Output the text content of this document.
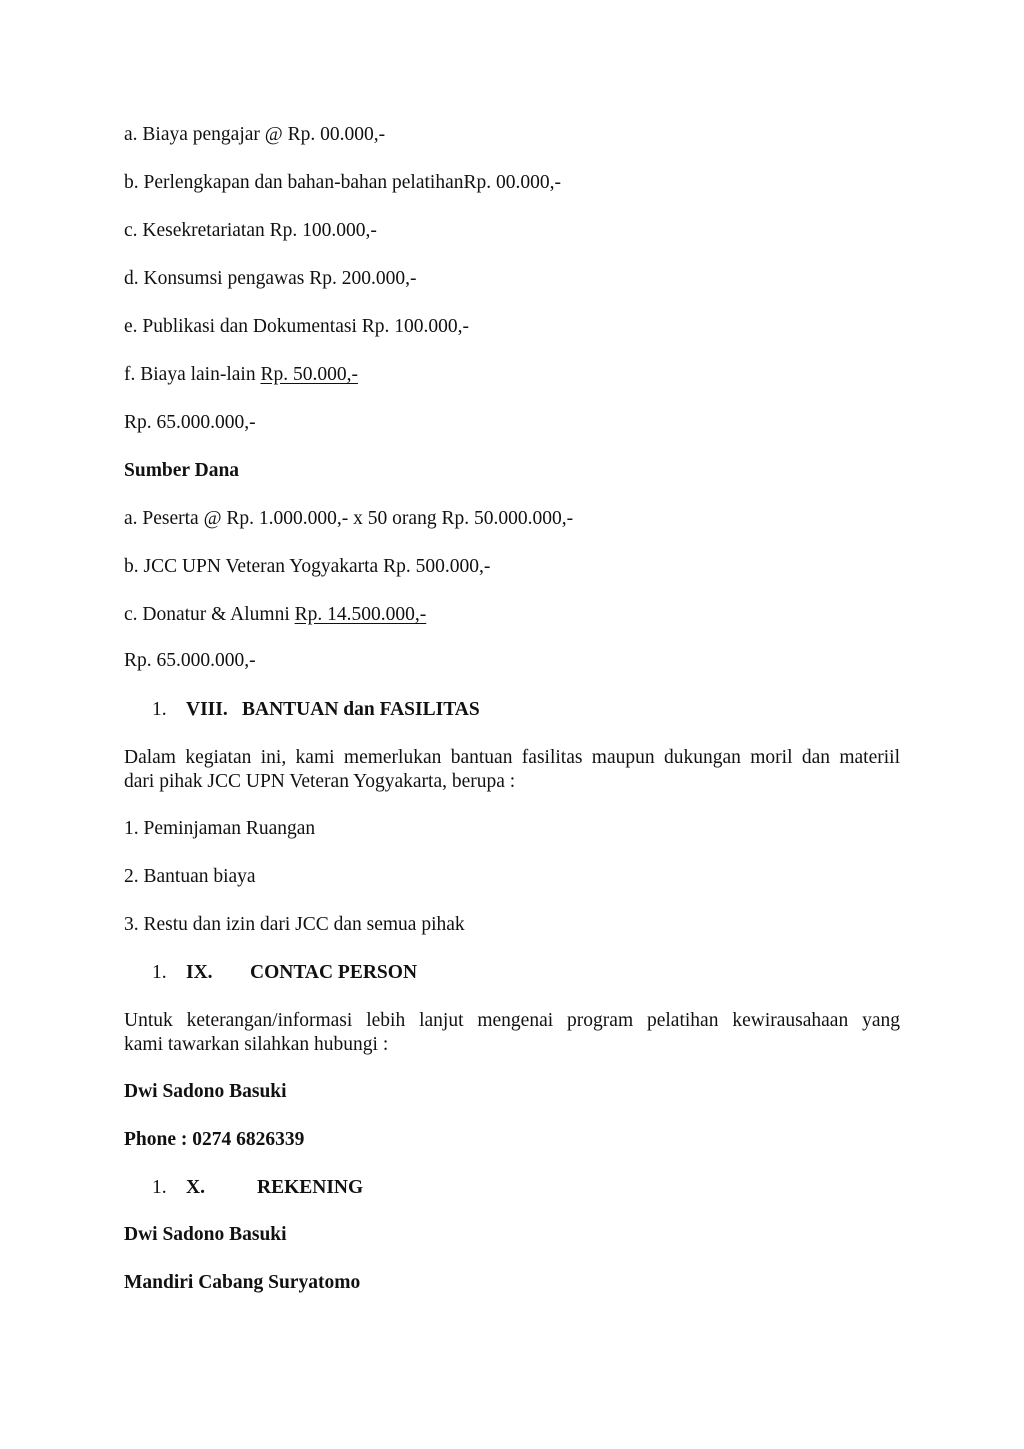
a. Biaya pengajar @ Rp. 00.000,-
b. Perlengkapan dan bahan-bahan pelatihanRp. 00.000,-
c. Kesekretariatan Rp. 100.000,-
d. Konsumsi pengawas Rp. 200.000,-
e. Publikasi dan Dokumentasi Rp. 100.000,-
f. Biaya lain-lain Rp. 50.000,-
Rp. 65.000.000,-
Sumber Dana
a. Peserta @ Rp. 1.000.000,- x 50 orang Rp. 50.000.000,-
b. JCC UPN Veteran Yogyakarta Rp. 500.000,-
c. Donatur & Alumni Rp. 14.500.000,-
Rp. 65.000.000,-
1. VIII. BANTUAN dan FASILITAS
Dalam kegiatan ini, kami memerlukan bantuan fasilitas maupun dukungan moril dan materiil
dari pihak JCC UPN Veteran Yogyakarta, berupa :
1. Peminjaman Ruangan
2. Bantuan biaya
3. Restu dan izin dari JCC dan semua pihak
1. IX. CONTAC PERSON
Untuk keterangan/informasi lebih lanjut mengenai program pelatihan kewirausahaan yang
kami tawarkan silahkan hubungi :
Dwi Sadono Basuki
Phone : 0274 6826339
1. X.	REKENING
Dwi Sadono Basuki
Mandiri Cabang Suryatomo
